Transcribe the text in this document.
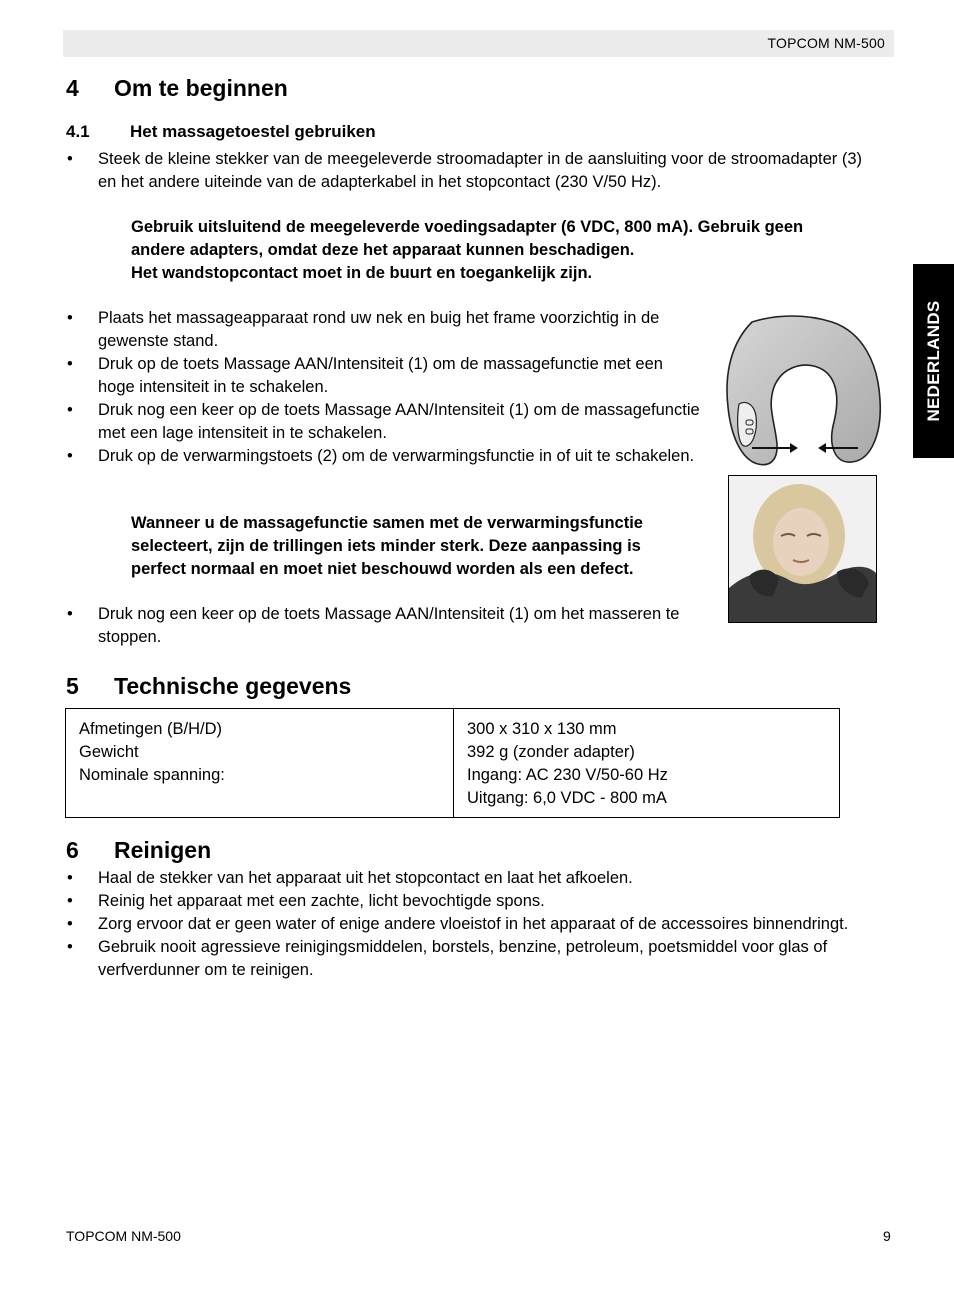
TOPCOM NM-500
NEDERLANDS
4 Om te beginnen
4.1 Het massagetoestel gebruiken
• Steek de kleine stekker van de meegeleverde stroomadapter in de aansluiting voor de stroomadapter (3) en het andere uiteinde van de adapterkabel in het stopcontact (230 V/50 Hz).
Gebruik uitsluitend de meegeleverde voedingsadapter (6 VDC, 800 mA). Gebruik geen
andere adapters, omdat deze het apparaat kunnen beschadigen.
Het wandstopcontact moet in de buurt en toegankelijk zijn.
• Plaats het massageapparaat rond uw nek en buig het frame voorzichtig in de gewenste stand.
• Druk op de toets Massage AAN/Intensiteit (1) om de massagefunctie met een hoge intensiteit in te schakelen.
• Druk nog een keer op de toets Massage AAN/Intensiteit (1) om de massagefunctie met een lage intensiteit in te schakelen.
• Druk op de verwarmingstoets (2) om de verwarmingsfunctie in of uit te schakelen.
Wanneer u de massagefunctie samen met de verwarmingsfunctie
selecteert, zijn de trillingen iets minder sterk. Deze aanpassing is
perfect normaal en moet niet beschouwd worden als een defect.
• Druk nog een keer op de toets Massage AAN/Intensiteit (1) om het masseren te stoppen.
5 Technische gegevens
Afmetingen (B/H/D)
Gewicht
Nominale spanning:
300 x 310 x 130 mm
392 g (zonder adapter)
Ingang: AC 230 V/50-60 Hz
Uitgang: 6,0 VDC - 800 mA
6 Reinigen
• Haal de stekker van het apparaat uit het stopcontact en laat het afkoelen.
• Reinig het apparaat met een zachte, licht bevochtigde spons.
• Zorg ervoor dat er geen water of enige andere vloeistof in het apparaat of de accessoires binnendringt.
• Gebruik nooit agressieve reinigingsmiddelen, borstels, benzine, petroleum, poetsmiddel voor glas of verfverdunner om te reinigen.
TOPCOM NM-500	9
